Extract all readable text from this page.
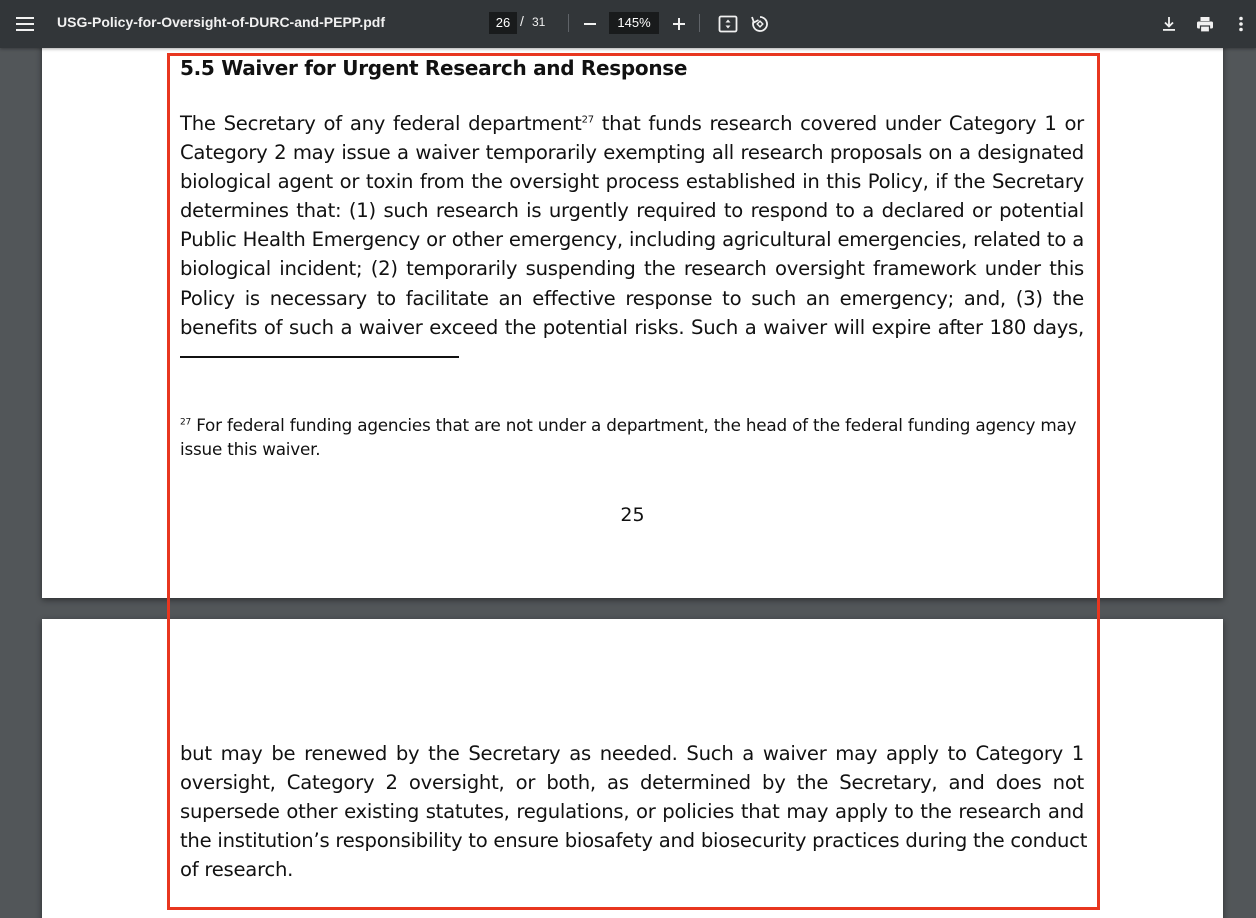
USG-Policy-for-Oversight-of-DURC-and-PEPP.pdf	26 / 31	145%
5.5 Waiver for Urgent Research and Response
The Secretary of any federal department$^{27}$ that funds research covered under Category 1 or
Category 2 may issue a waiver temporarily exempting all research proposals on a designated
biological agent or toxin from the oversight process established in this Policy, if the Secretary
determines that: (1) such research is urgently required to respond to a declared or potential
Public Health Emergency or other emergency, including agricultural emergencies, related to a
biological incident; (2) temporarily suspending the research oversight framework under this
Policy is necessary to facilitate an effective response to such an emergency; and, (3) the
benefits of such a waiver exceed the potential risks. Such a waiver will expire after 180 days,
$^{27}$ For federal funding agencies that are not under a department, the head of the federal funding agency may
issue this waiver.
25
but may be renewed by the Secretary as needed. Such a waiver may apply to Category 1
oversight, Category 2 oversight, or both, as determined by the Secretary, and does not
supersede other existing statutes, regulations, or policies that may apply to the research and
the institution’s responsibility to ensure biosafety and biosecurity practices during the conduct
of research.
